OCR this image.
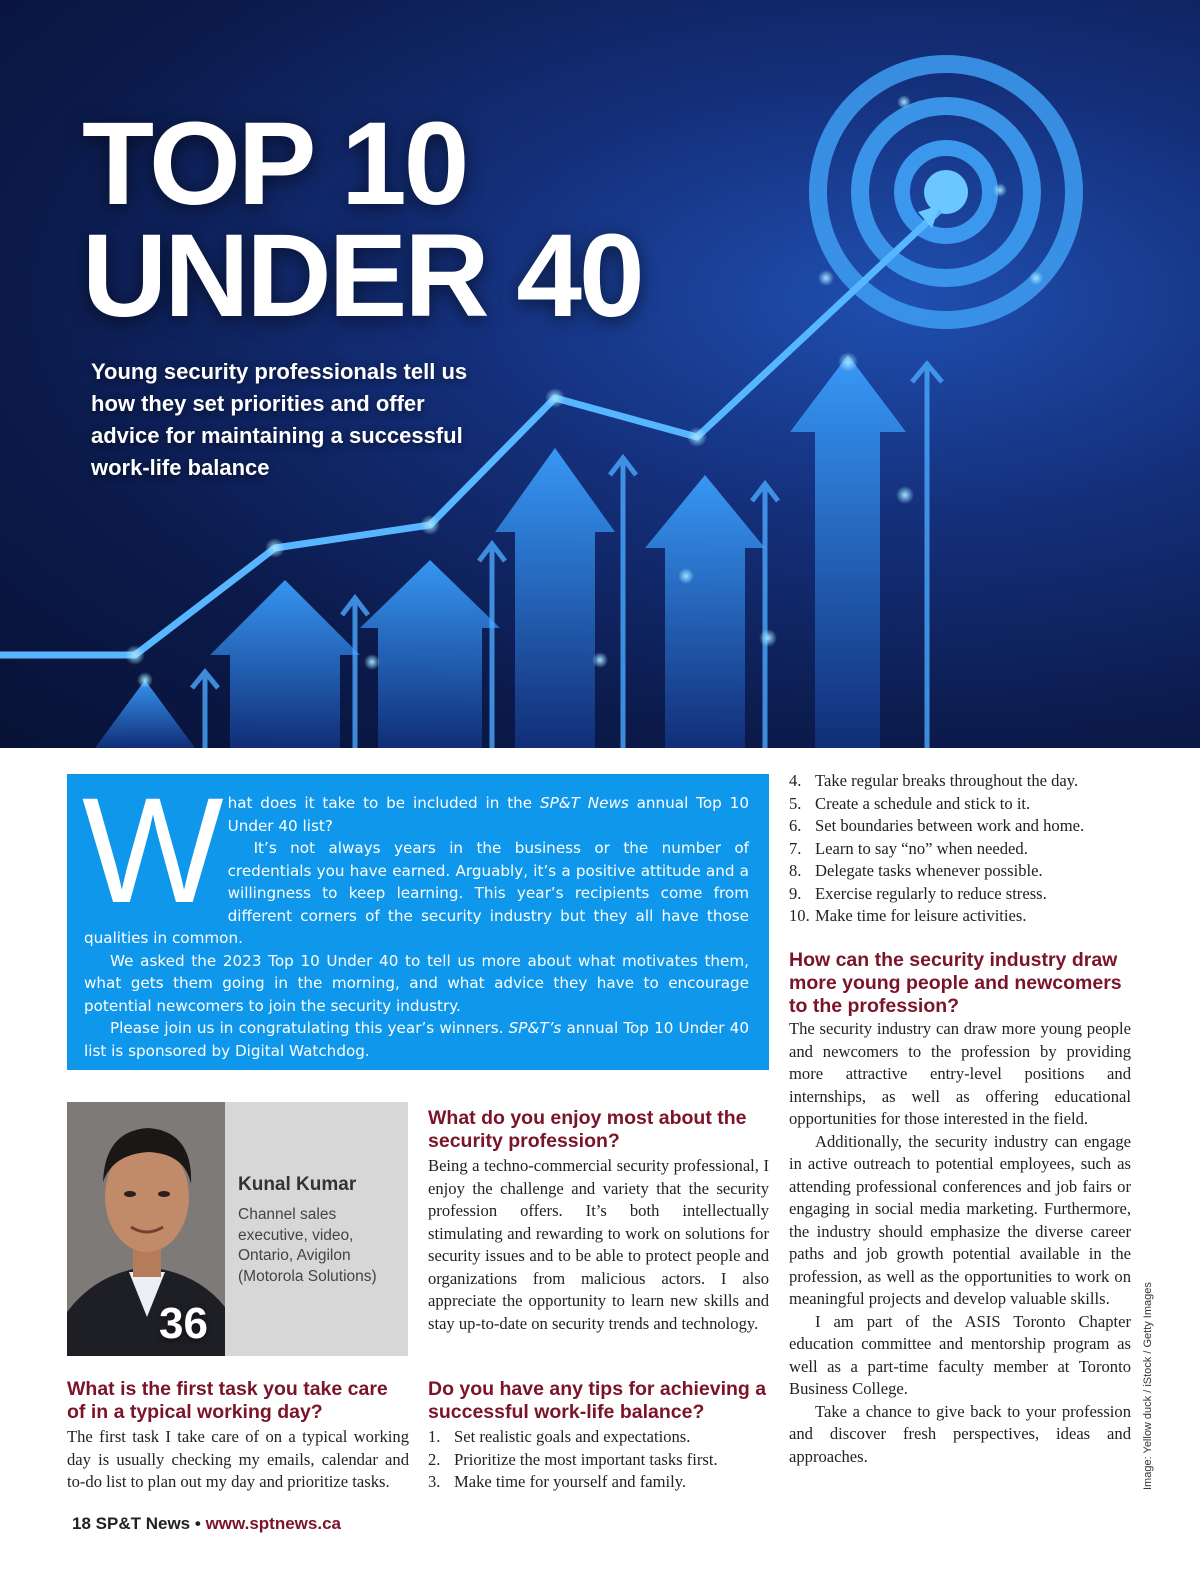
TOP 10
UNDER 40
Young security professionals tell us how they set priorities and offer advice for maintaining a successful work-life balance
W hat does it take to be included in the SP&T News annual Top 10 Under 40 list?

It’s not always years in the business or the number of credentials you have earned. Arguably, it’s a positive attitude and a willingness to keep learning. This year’s recipients come from different corners of the security industry but they all have those qualities in common.

We asked the 2023 Top 10 Under 40 to tell us more about what motivates them, what gets them going in the morning, and what advice they have to encourage potential newcomers to join the security industry.

Please join us in congratulating this year’s winners. SP&T’s annual Top 10 Under 40 list is sponsored by Digital Watchdog.

36
Kunal Kumar
Channel sales executive, video, Ontario, Avigilon (Motorola Solutions)
What is the first task you take care of in a typical working day?
The first task I take care of on a typical working day is usually checking my emails, calendar and to-do list to plan out my day and prioritize tasks.
What do you enjoy most about the security profession?
Being a techno-commercial security professional, I enjoy the challenge and variety that the security profession offers. It’s both intellectually stimulating and rewarding to work on solutions for security issues and to be able to protect people and organizations from malicious actors. I also appreciate the opportunity to learn new skills and stay up-to-date on security trends and technology.
Do you have any tips for achieving a successful work-life balance?
1. Set realistic goals and expectations.
2. Prioritize the most important tasks first.
3. Make time for yourself and family.
4. Take regular breaks throughout the day.
5. Create a schedule and stick to it.
6. Set boundaries between work and home.
7. Learn to say “no” when needed.
8. Delegate tasks whenever possible.
9. Exercise regularly to reduce stress.
10. Make time for leisure activities.
How can the security industry draw more young people and newcomers to the profession?

The security industry can draw more young people and newcomers to the profession by providing more attractive entry-level positions and internships, as well as offering educational opportunities for those interested in the field.

Additionally, the security industry can engage in active outreach to potential employees, such as attending professional conferences and job fairs or engaging in social media marketing. Furthermore, the industry should emphasize the diverse career paths and job growth potential available in the profession, as well as the opportunities to work on meaningful projects and develop valuable skills.

I am part of the ASIS Toronto Chapter education committee and mentorship program as well as a part-time faculty member at Toronto Business College.

Take a chance to give back to your profession and discover fresh perspectives, ideas and approaches.	Image: Yellow duck / iStock / Getty Images
18 SP&T News • www.sptnews.ca
